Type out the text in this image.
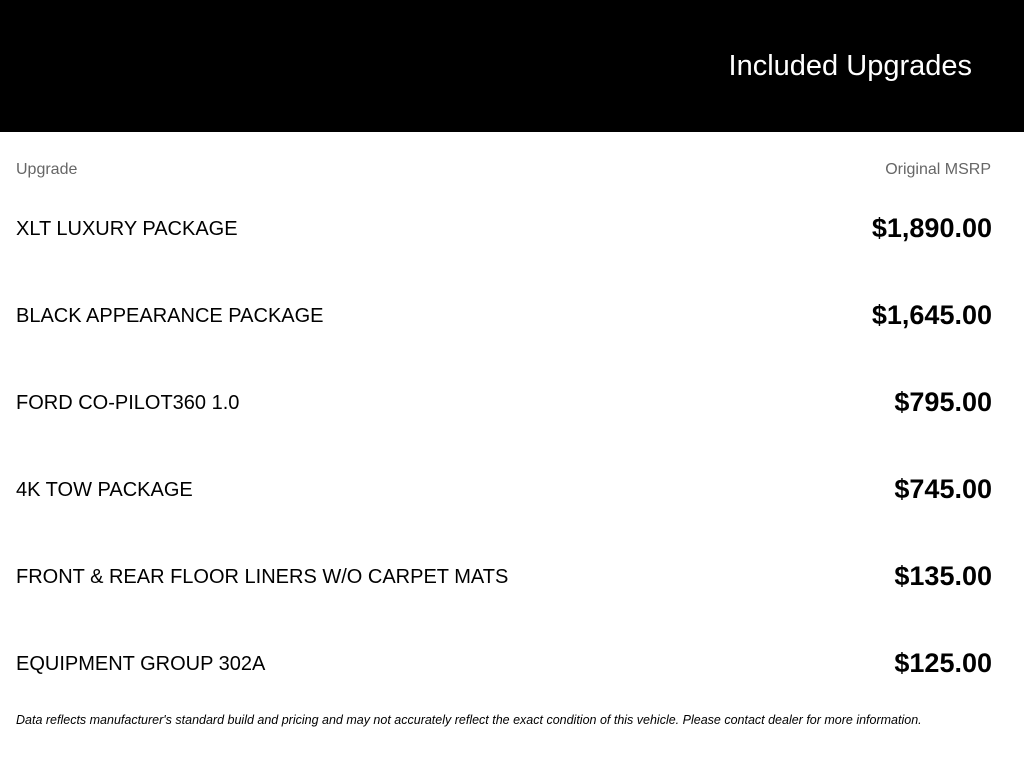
Included Upgrades
Upgrade	Original MSRP
XLT LUXURY PACKAGE	$1,890.00
BLACK APPEARANCE PACKAGE	$1,645.00
FORD CO-PILOT360 1.0	$795.00
4K TOW PACKAGE	$745.00
FRONT & REAR FLOOR LINERS W/O CARPET MATS	$135.00
EQUIPMENT GROUP 302A	$125.00
Data reflects manufacturer's standard build and pricing and may not accurately reflect the exact condition of this vehicle. Please contact dealer for more information.
